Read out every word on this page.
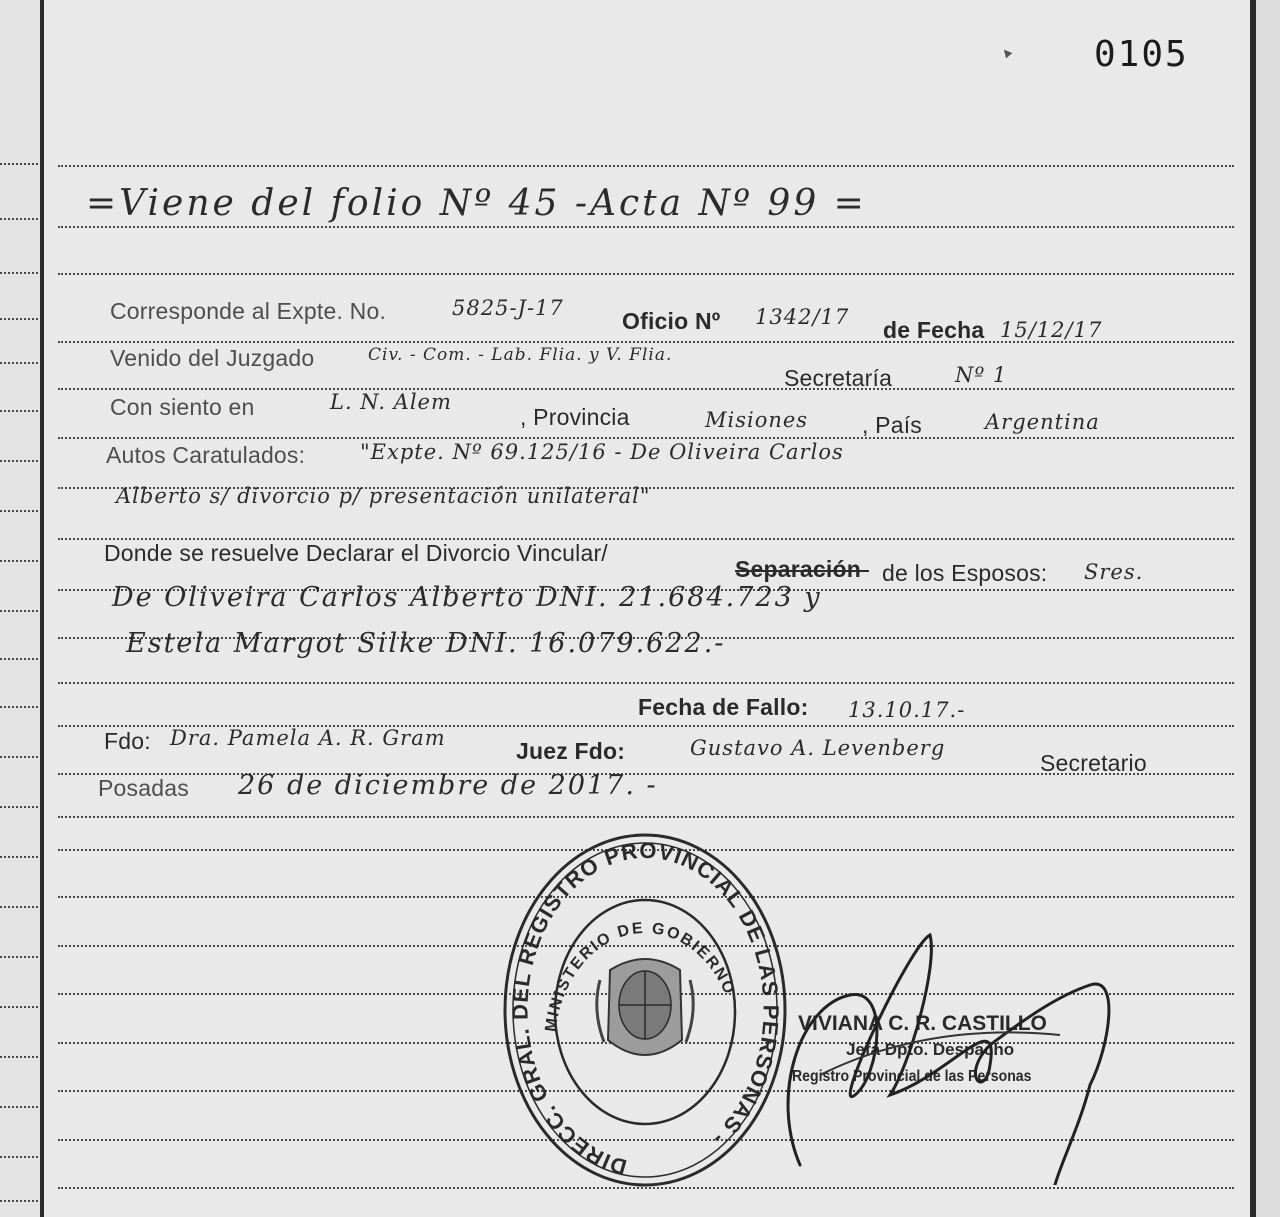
0105
▲
=Viene del folio Nº 45 -Acta Nº 99 =
Corresponde al Expte. No.	5825-J-17	Oficio Nº 1342/17 de Fecha 15/12/17
Venido del Juzgado	Civ. - Com. - Lab. Flia. y V. Flia.
Secretaría	Nº 1
Con siento en	L. N. Alem
, Provincia	Misiones , País	Argentina
Autos Caratulados:	"Expte. Nº 69.125/16 - De Oliveira Carlos
Alberto s/ divorcio p/ presentación unilateral"
Donde se resuelve Declarar el Divorcio Vincular/
Separación de los Esposos: Sres.
De Oliveira Carlos Alberto DNI. 21.684.723 y
Estela Margot Silke DNI. 16.079.622.-
Fecha de Fallo: 13.10.17.-
Fdo: Dra. Pamela A. R. Gram	Juez Fdo:	Gustavo A. Levenberg
Secretario
Posadas 26 de diciembre de 2017. -
DIRECC. GRAL. DEL REGISTRO PROVINCIAL DE LAS PERSONAS -
MINISTERIO DE GOBIERNO
VIVIANA C. R. CASTILLO
Jefa Dpto. Despacho
Registro Provincial de las Personas
